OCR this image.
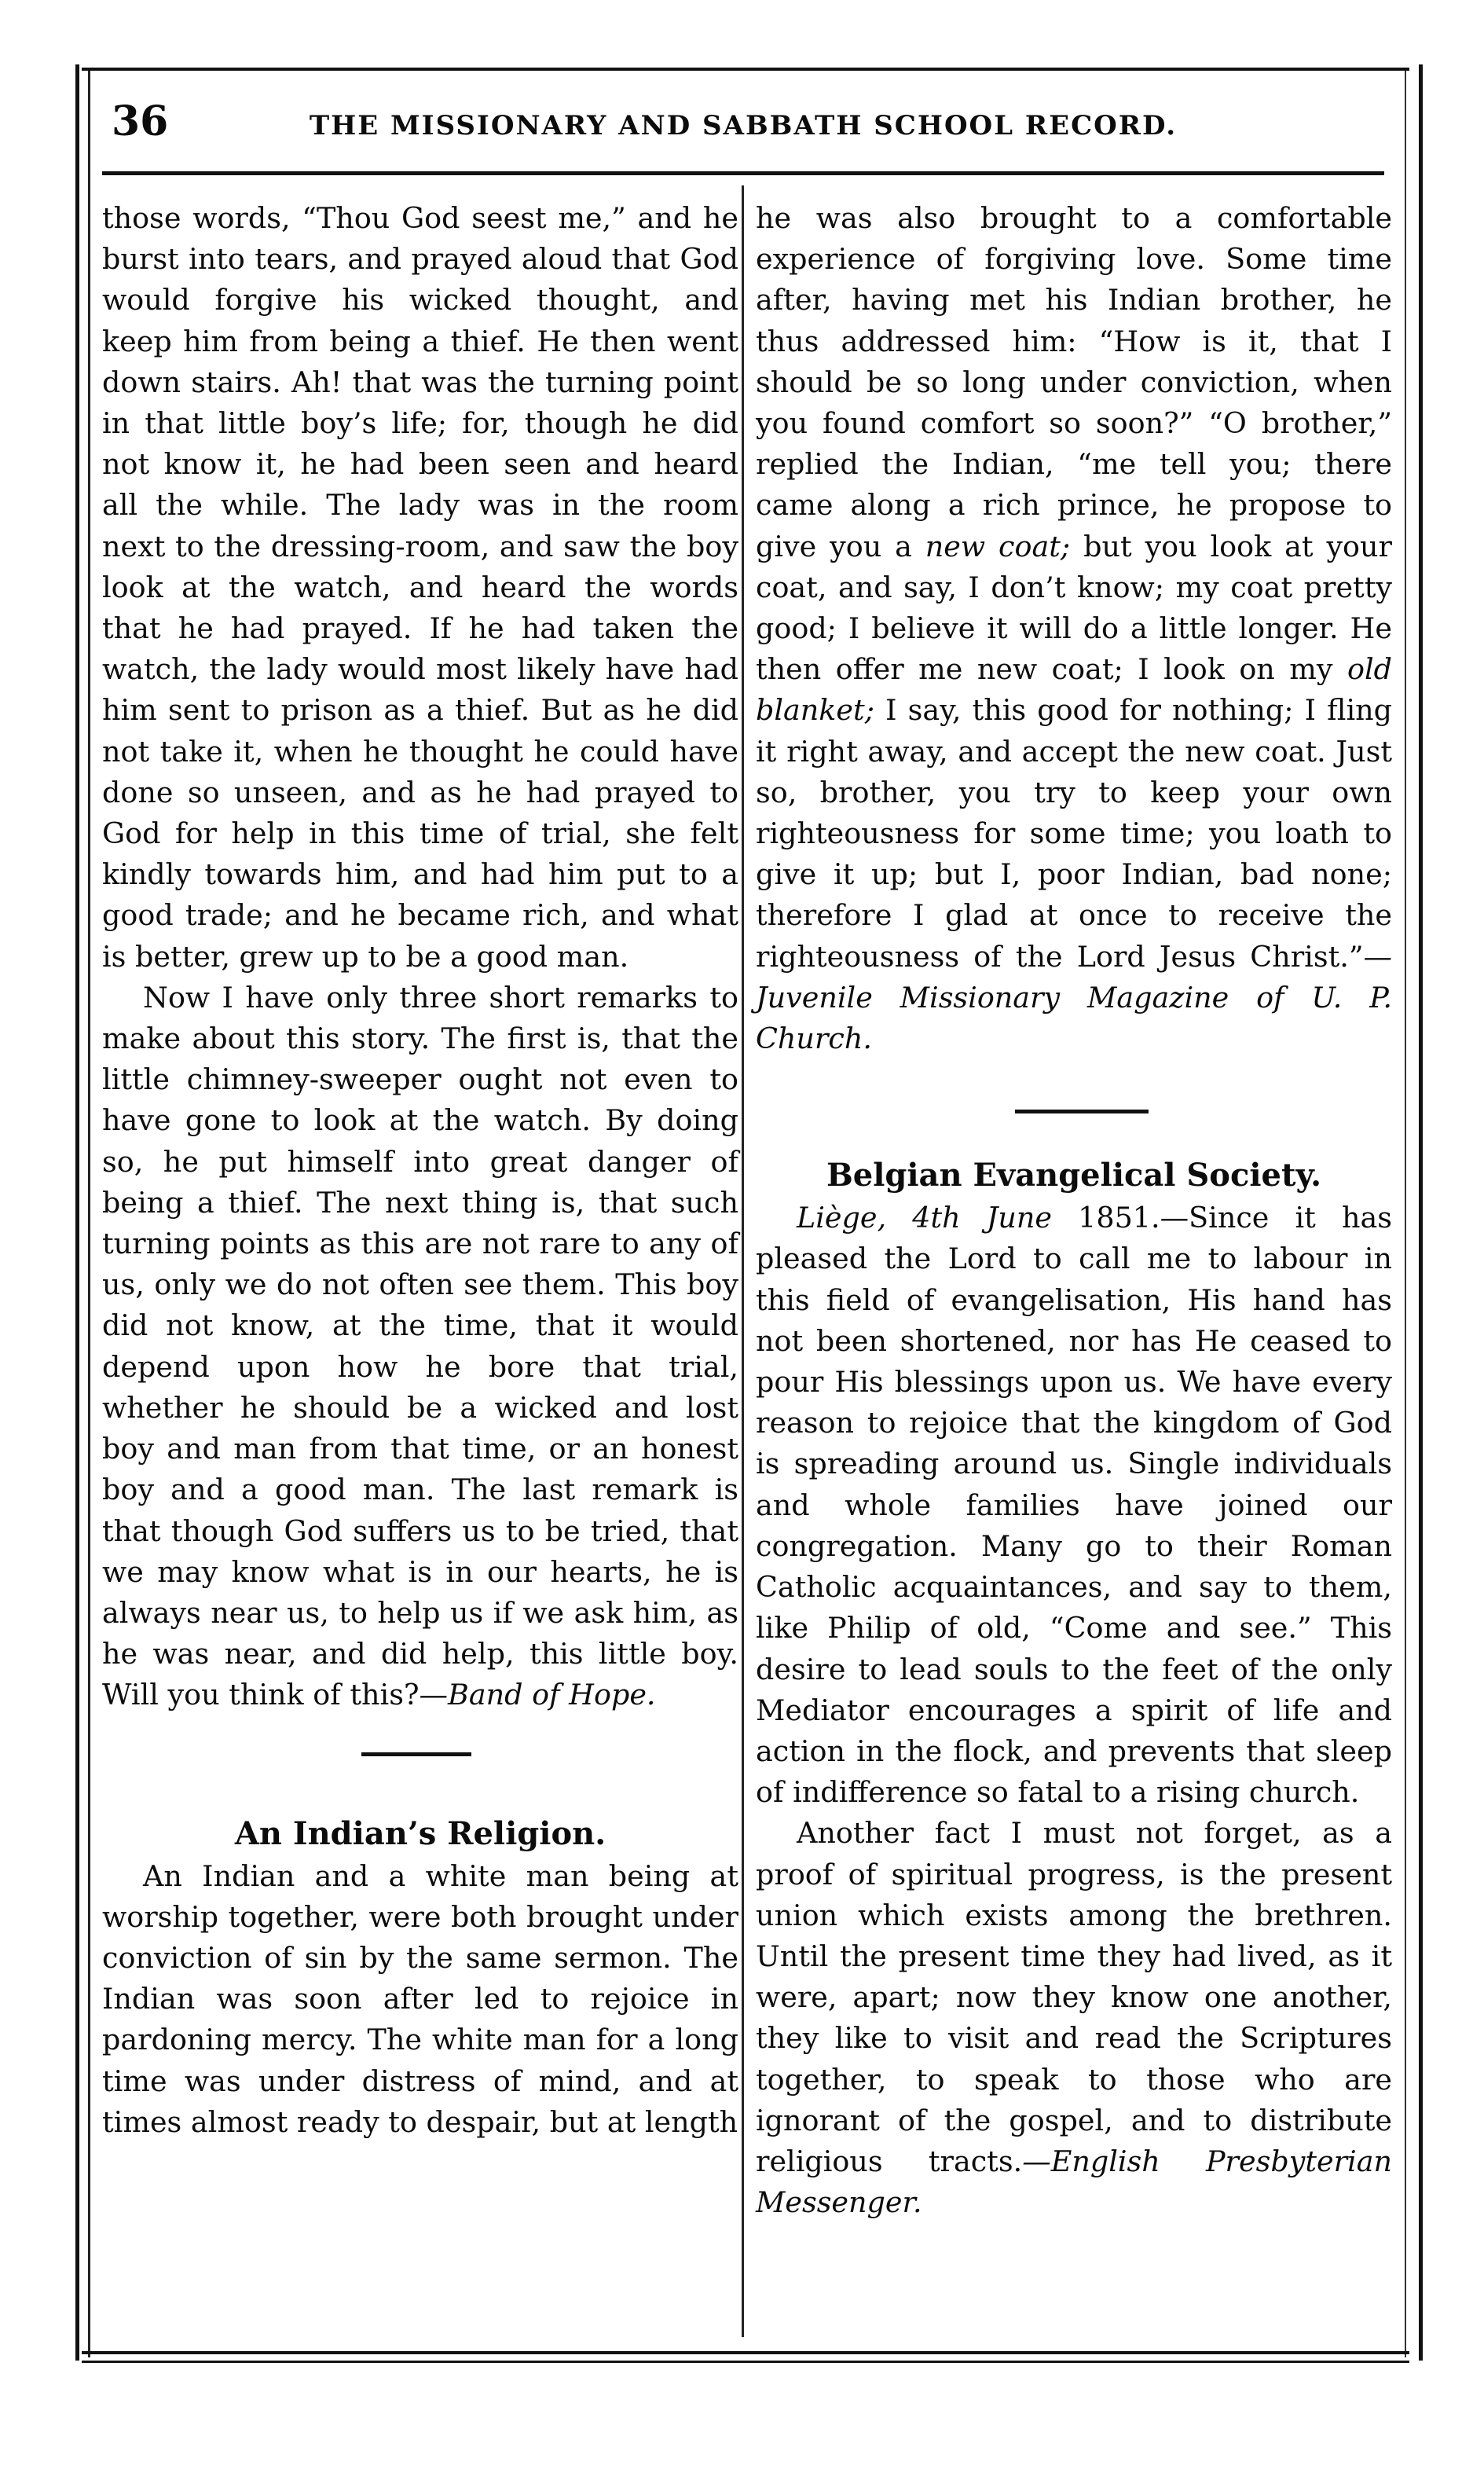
36	THE MISSIONARY AND SABBATH SCHOOL RECORD.

those words, “Thou God seest me,” and he burst into tears, and prayed aloud that God would forgive his wicked thought, and keep him from being a thief. He then went down stairs. Ah! that was the turning point in that little boy’s life; for, though he did not know it, he had been seen and heard all the while. The lady was in the room next to the dressing-room, and saw the boy look at the watch, and heard the words that he had prayed. If he had taken the watch, the lady would most likely have had him sent to prison as a thief. But as he did not take it, when he thought he could have done so unseen, and as he had prayed to God for help in this time of trial, she felt kindly towards him, and had him put to a good trade; and he became rich, and what is better, grew up to be a good man.

Now I have only three short remarks to make about this story. The first is, that the little chimney-sweeper ought not even to have gone to look at the watch. By doing so, he put himself into great danger of being a thief. The next thing is, that such turning points as this are not rare to any of us, only we do not often see them. This boy did not know, at the time, that it would depend upon how he bore that trial, whether he should be a wicked and lost boy and man from that time, or an honest boy and a good man. The last remark is that though God suffers us to be tried, that we may know what is in our hearts, he is always near us, to help us if we ask him, as he was near, and did help, this little boy. Will you think of this?—Band of Hope.

An Indian’s Religion.

An Indian and a white man being at worship together, were both brought under conviction of sin by the same sermon. The Indian was soon after led to rejoice in pardoning mercy. The white man for a long time was under distress of mind, and at times almost ready to despair, but at length

he was also brought to a comfortable experience of forgiving love. Some time after, having met his Indian brother, he thus addressed him: “How is it, that I should be so long under conviction, when you found comfort so soon?” “O brother,” replied the Indian, “me tell you; there came along a rich prince, he propose to give you a new coat; but you look at your coat, and say, I don’t know; my coat pretty good; I believe it will do a little longer. He then offer me new coat; I look on my old blanket; I say, this good for nothing; I fling it right away, and accept the new coat. Just so, brother, you try to keep your own righteousness for some time; you loath to give it up; but I, poor Indian, bad none; therefore I glad at once to receive the righteousness of the Lord Jesus Christ.”—Juvenile Missionary Magazine of U. P. Church.

Belgian Evangelical Society.

Liège, 4th June 1851.—Since it has pleased the Lord to call me to labour in this field of evangelisation, His hand has not been shortened, nor has He ceased to pour His blessings upon us. We have every reason to rejoice that the kingdom of God is spreading around us. Single individuals and whole families have joined our congregation. Many go to their Roman Catholic acquaintances, and say to them, like Philip of old, “Come and see.” This desire to lead souls to the feet of the only Mediator encourages a spirit of life and action in the flock, and prevents that sleep of indifference so fatal to a rising church.

Another fact I must not forget, as a proof of spiritual progress, is the present union which exists among the brethren. Until the present time they had lived, as it were, apart; now they know one another, they like to visit and read the Scriptures together, to speak to those who are ignorant of the gospel, and to distribute religious tracts.—English Presbyterian Messenger.
